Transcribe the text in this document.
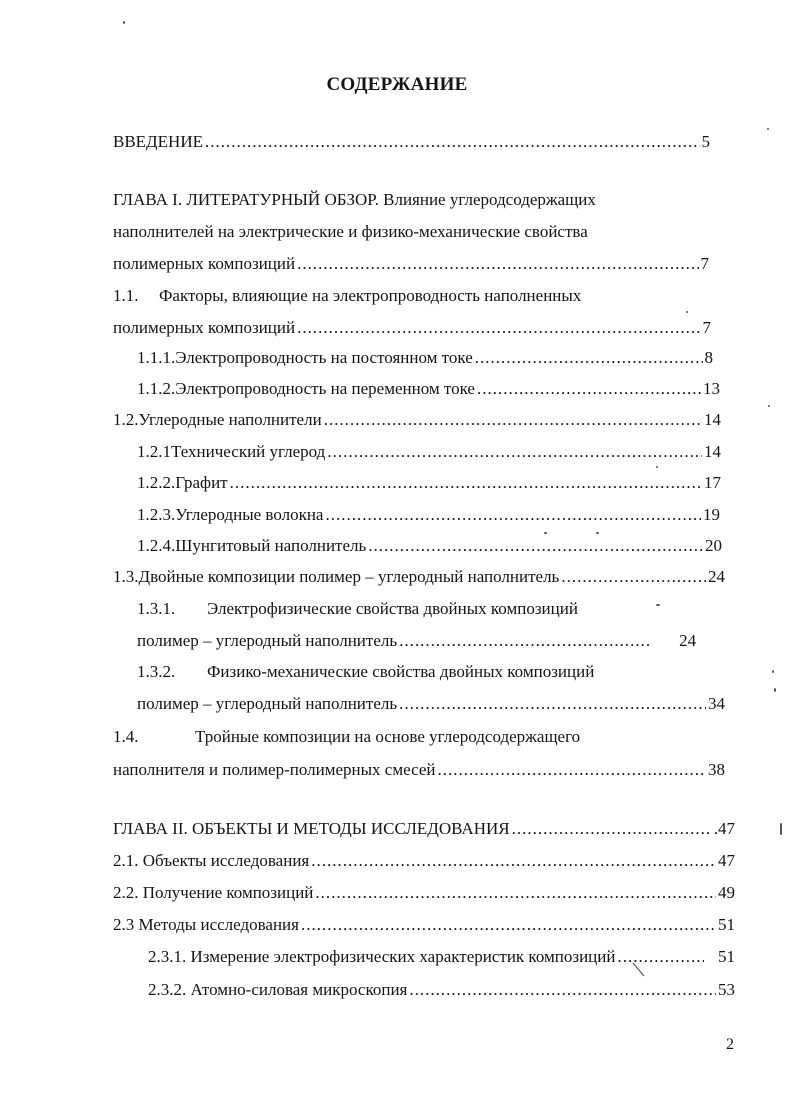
СОДЕРЖАНИЕ
ВВЕДЕНИЕ .....	5
ГЛАВА I. ЛИТЕРАТУРНЫЙ ОБЗОР. Влияние углеродсодержащих
наполнителей на электрические и физико-механические свойства
полимерных композиций .....	7
1.1.	Факторы, влияющие на электропроводность наполненных
полимерных композиций .....	7
1.1.1. Электропроводность на постоянном токе .....	8
1.1.2. Электропроводность на переменном токе .....	13
1.2. Углеродные наполнители .....	14
1.2.1 Технический углерод .....	14
1.2.2. Графит .....	17
1.2.3. Углеродные волокна .....	19
1.2.4. Шунгитовый наполнитель .....	20
1.3. Двойные композиции полимер – углеродный наполнитель .....	24
1.3.1.	Электрофизические свойства двойных композиций
полимер – углеродный наполнитель .....	24
1.3.2.	Физико-механические свойства двойных композиций
полимер – углеродный наполнитель .....	34
1.4.	Тройные композиции на основе углеродсодержащего
наполнителя и полимер-полимерных смесей .....	38
ГЛАВА II. ОБЪЕКТЫ И МЕТОДЫ ИССЛЕДОВАНИЯ .....	.47
2.1. Объекты исследования .....	47
2.2. Получение композиций .....	49
2.3 Методы исследования .....	51
2.3.1. Измерение электрофизических характеристик композиций .....	51
2.3.2. Атомно-силовая микроскопия .....	53
2
